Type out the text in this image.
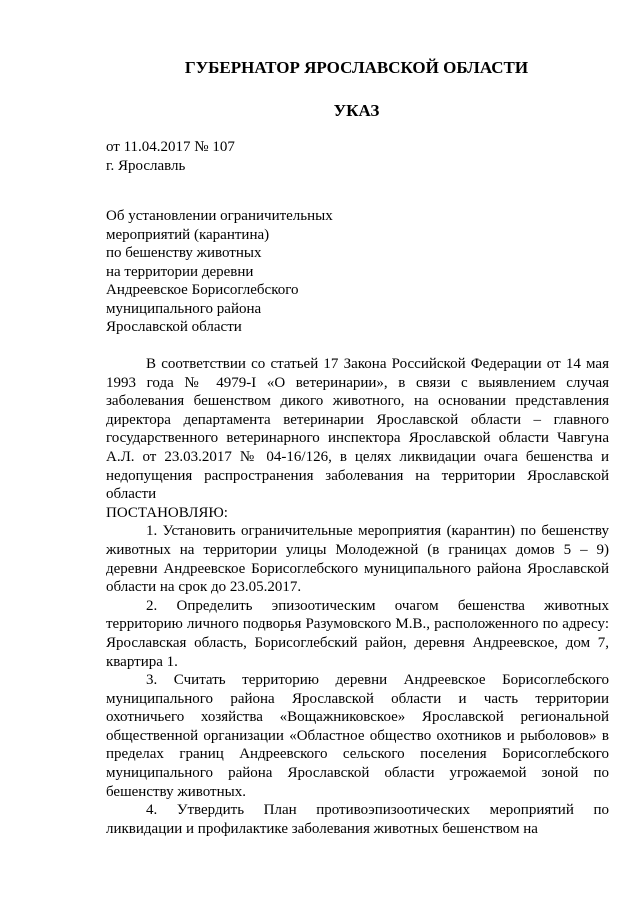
ГУБЕРНАТОР ЯРОСЛАВСКОЙ ОБЛАСТИ
УКАЗ

от 11.04.2017 № 107

г. Ярославль

Об установлении ограничительных
мероприятий (карантина)
по бешенству животных
на территории деревни
Андреевское Борисоглебского
муниципального района
Ярославской области

В соответствии со статьей 17 Закона Российской Федерации от 14 мая 1993 года № 4979-I «О ветеринарии», в связи с выявлением случая заболевания бешенством дикого животного, на основании представления директора департамента ветеринарии Ярославской области – главного государственного ветеринарного инспектора Ярославской области Чавгуна А.Л. от 23.03.2017 № 04-16/126, в целях ликвидации очага бешенства и недопущения распространения заболевания на территории Ярославской области

ПОСТАНОВЛЯЮ:

1. Установить ограничительные мероприятия (карантин) по бешенству животных на территории улицы Молодежной (в границах домов 5 – 9) деревни Андреевское Борисоглебского муниципального района Ярославской области на срок до 23.05.2017.

2. Определить эпизоотическим очагом бешенства животных территорию личного подворья Разумовского М.В., расположенного по адресу: Ярославская область, Борисоглебский район, деревня Андреевское, дом 7, квартира 1.

3. Считать территорию деревни Андреевское Борисоглебского муниципального района Ярославской области и часть территории охотничьего хозяйства «Вощажниковское» Ярославской региональной общественной организации «Областное общество охотников и рыболовов» в пределах границ Андреевского сельского поселения Борисоглебского муниципального района Ярославской области угрожаемой зоной по бешенству животных.

4. Утвердить План противоэпизоотических мероприятий по ликвидации и профилактике заболевания животных бешенством на
